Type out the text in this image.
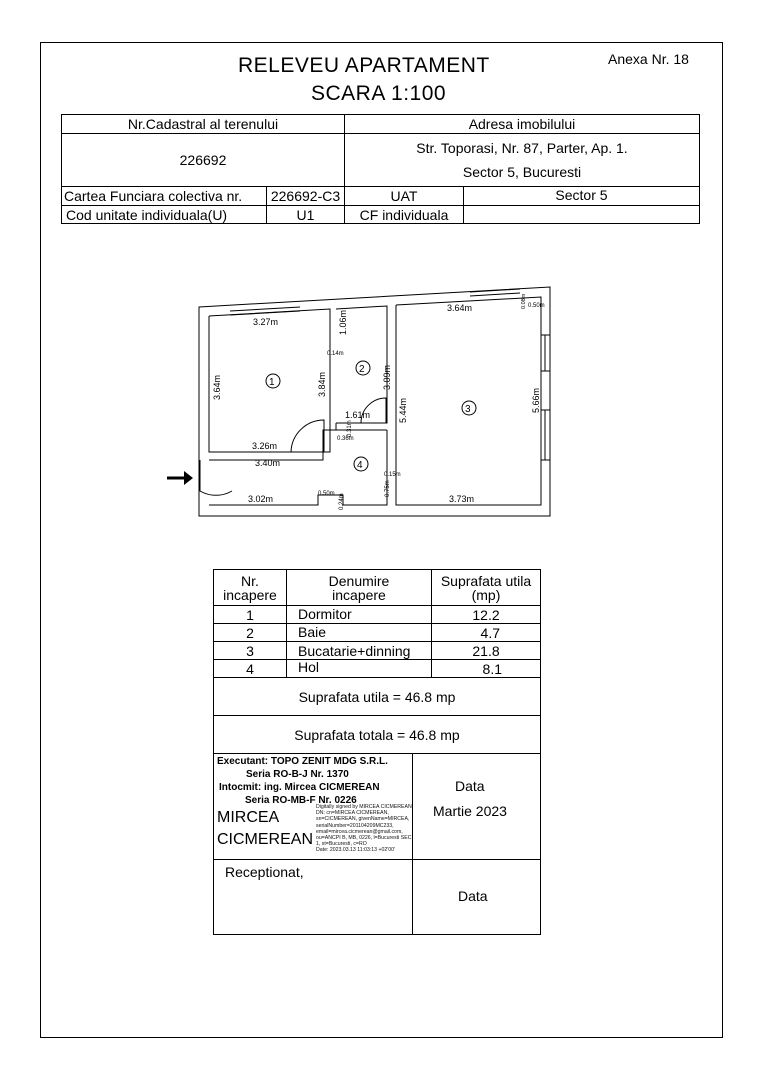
RELEVEU APARTAMENT
SCARA 1:100
Anexa Nr. 18
Nr.Cadastral al terenului	Adresa imobilului
226692
Str. Toporasi, Nr. 87, Parter, Ap. 1.
Sector 5, Bucuresti
Cartea Funciara colectiva nr.	226692-C3	UAT	Sector 5
Cod unitate individuala(U)	U1	CF individuala
1
2
3
4
3.27m	1.06m
3.64m	0.08m 0.50m
0.14m
3.09m
3.64m	3.84m
5.44m	5.66m
1.61m
0.31m
0.36m
3.26m
3.40m
0.15m
3.02m	0.50m 0.24m
0.75m
3.73m
Nr.
incapere
Denumire
incapere
Suprafata utila
(mp)
1	Dormitor	12.2
2	Baie	4.7
3	Bucatarie+dinning	21.8
4	Hol	8.1
Suprafata utila = 46.8 mp
Suprafata totala = 46.8 mp
Executant: TOPO ZENIT MDG S.R.L.
Seria RO-B-J Nr. 1370
Intocmit: ing. Mircea CICMEREAN
Seria RO-MB-F Nr. 0226
MIRCEA
CICMEREAN
Digitally signed by MIRCEA CICMEREAN
DN: cn=MIRCEA CICMEREAN,
sn=CICMEREAN, givenName=MIRCEA,
serialNumber=201104209MC233,
email=mircea.cicmerean@gmail.com,
ou=ANCPI B, MB, 0226, l=Bucuresti SEC
1, st=Bucuresti, c=RO
Date: 2023.03.13 11:03:13 +02'00'
Data
Martie 2023
Receptionat,
Data
